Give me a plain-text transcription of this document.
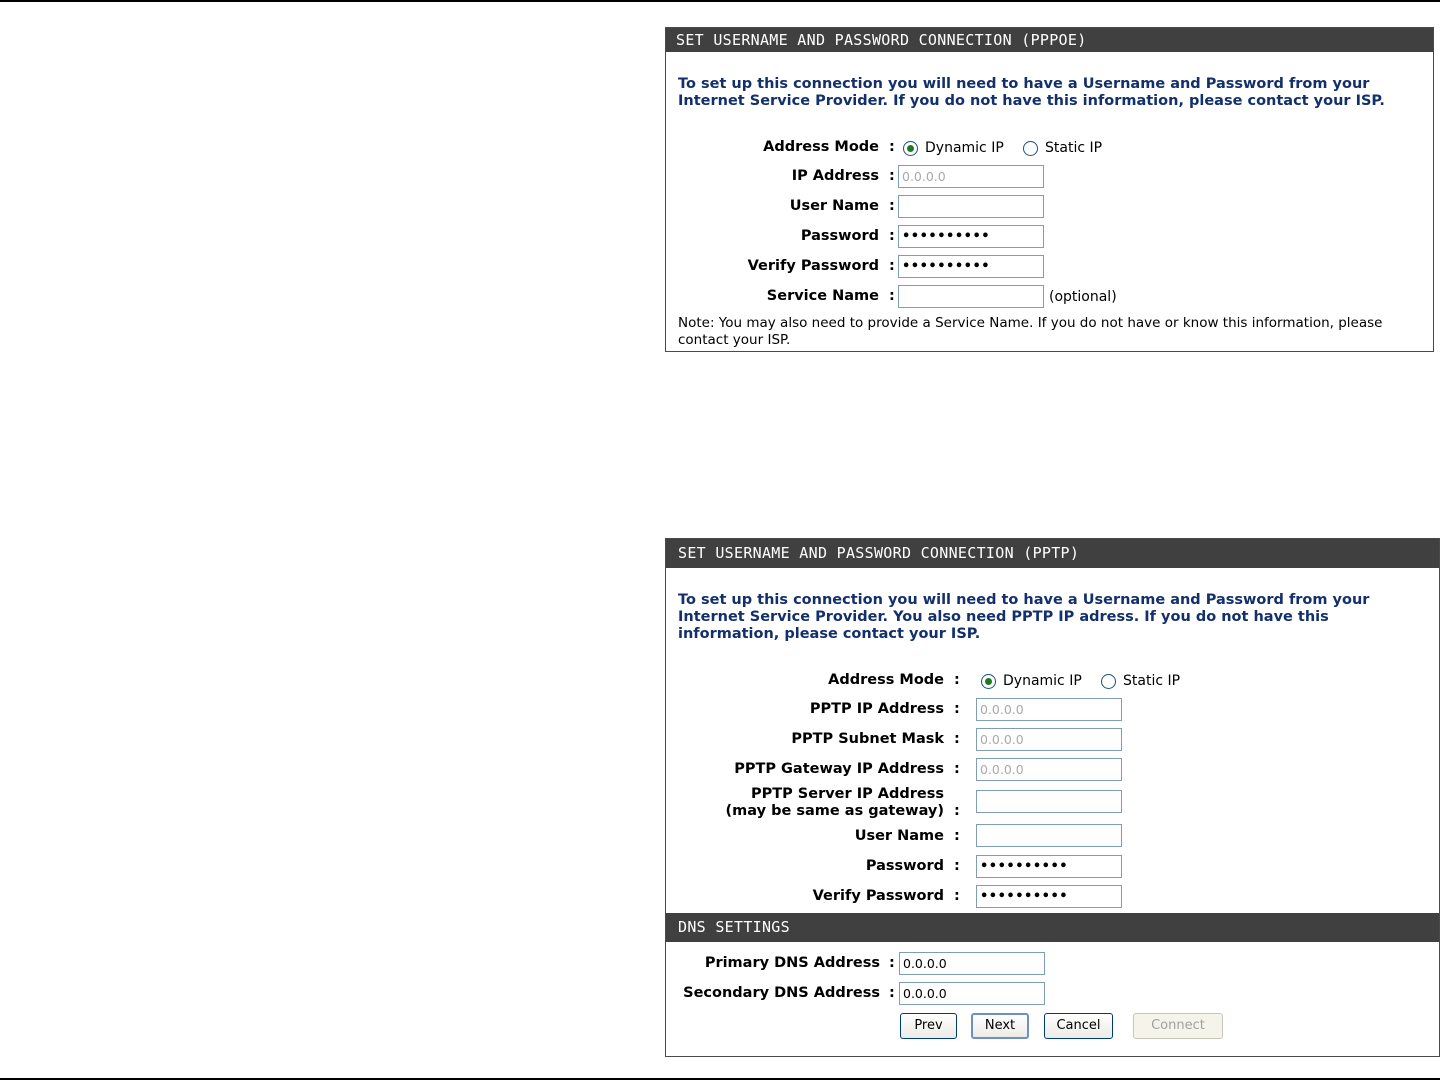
SET USERNAME AND PASSWORD CONNECTION (PPPOE)

To set up this connection you will need to have a Username and Password from your Internet Service Provider. If you do not have this information, please contact your ISP.

Address Mode : Dynamic IP	Static IP
IP Address : 0.0.0.0
User Name :
Password : ••••••••••
Verify Password : ••••••••••
Service Name :	(optional)
Note: You may also need to provide a Service Name. If you do not have or know this information, please contact your ISP.
SET USERNAME AND PASSWORD CONNECTION (PPTP)

To set up this connection you will need to have a Username and Password from your Internet Service Provider. You also need PPTP IP adress. If you do not have this information, please contact your ISP.

Address Mode :	Dynamic IP	Static IP
PPTP IP Address :	0.0.0.0
PPTP Subnet Mask :	0.0.0.0
PPTP Gateway IP Address :	0.0.0.0
PPTP Server IP Address (may be same as gateway) :
User Name :
Password :	••••••••••
Verify Password :	••••••••••
DNS SETTINGS
Primary DNS Address : 0.0.0.0
Secondary DNS Address : 0.0.0.0
Prev	Next	Cancel	Connect
